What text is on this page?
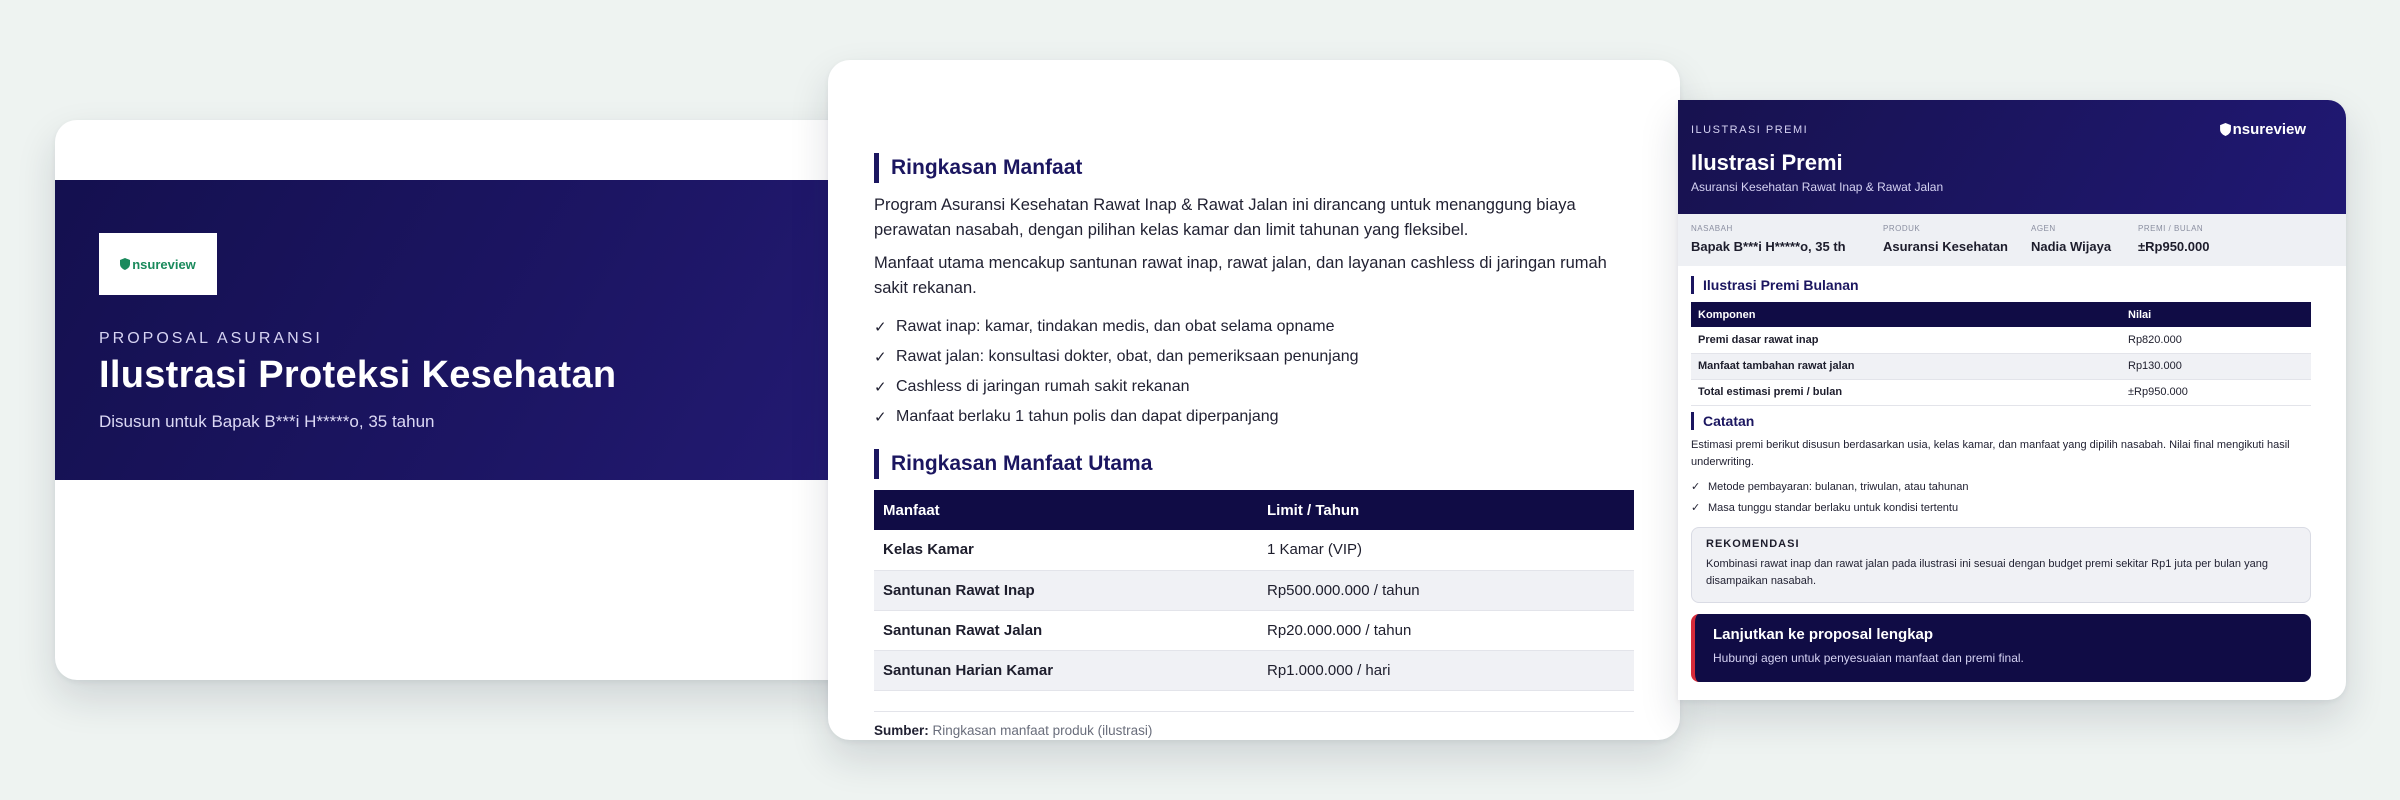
nsureview
PROPOSAL ASURANSI
Ilustrasi Proteksi Kesehatan
Disusun untuk Bapak B***i H*****o, 35 tahun
Ringkasan Manfaat

Program Asuransi Kesehatan Rawat Inap & Rawat Jalan ini dirancang untuk menanggung biaya perawatan nasabah, dengan pilihan kelas kamar dan limit tahunan yang fleksibel.

Manfaat utama mencakup santunan rawat inap, rawat jalan, dan layanan cashless di jaringan rumah sakit rekanan.

✓ Rawat inap: kamar, tindakan medis, dan obat selama opname
✓ Rawat jalan: konsultasi dokter, obat, dan pemeriksaan penunjang
✓ Cashless di jaringan rumah sakit rekanan
✓ Manfaat berlaku 1 tahun polis dan dapat diperpanjang
Ringkasan Manfaat Utama
Manfaat	Limit / Tahun
Kelas Kamar	1 Kamar (VIP)
Santunan Rawat Inap	Rp500.000.000 / tahun
Santunan Rawat Jalan	Rp20.000.000 / tahun
Santunan Harian Kamar	Rp1.000.000 / hari
Sumber: Ringkasan manfaat produk (ilustrasi)
ILUSTRASI PREMI	nsureview
Ilustrasi Premi
Asuransi Kesehatan Rawat Inap & Rawat Jalan
NASABAH
Bapak B***i H*****o, 35 th
PRODUK
Asuransi Kesehatan
AGEN
Nadia Wijaya
PREMI / BULAN
±Rp950.000
Ilustrasi Premi Bulanan
Komponen	Nilai
Premi dasar rawat inap	Rp820.000
Manfaat tambahan rawat jalan	Rp130.000
Total estimasi premi / bulan	±Rp950.000
Catatan

Estimasi premi berikut disusun berdasarkan usia, kelas kamar, dan manfaat yang dipilih nasabah. Nilai final mengikuti hasil underwriting.

✓ Metode pembayaran: bulanan, triwulan, atau tahunan
✓ Masa tunggu standar berlaku untuk kondisi tertentu
REKOMENDASI
Kombinasi rawat inap dan rawat jalan pada ilustrasi ini sesuai dengan budget premi sekitar Rp1 juta per bulan yang disampaikan nasabah.
Lanjutkan ke proposal lengkap
Hubungi agen untuk penyesuaian manfaat dan premi final.
